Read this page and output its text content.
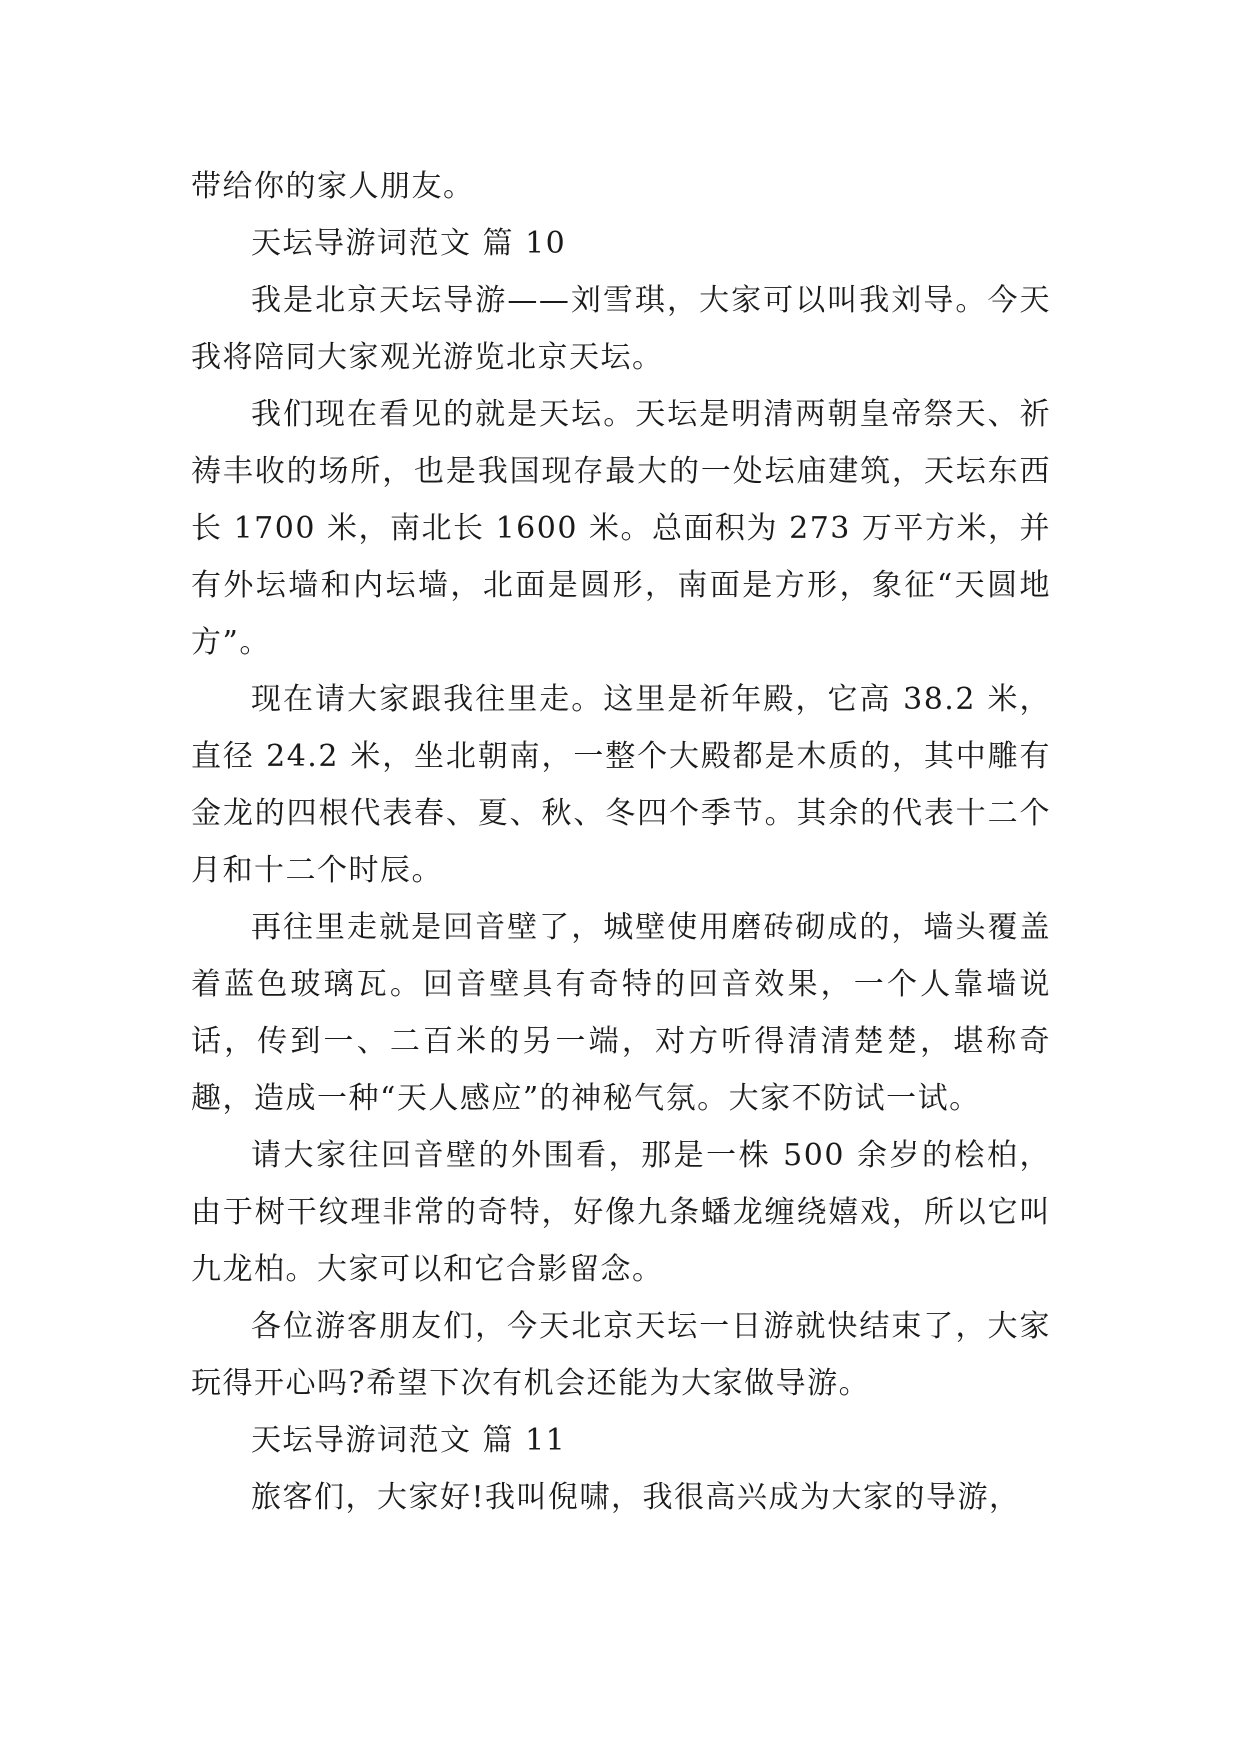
带给你的家人朋友。

天坛导游词范文 篇 10

我是北京天坛导游——刘雪琪，大家可以叫我刘导。今天我将陪同大家观光游览北京天坛。

我们现在看见的就是天坛。天坛是明清两朝皇帝祭天、祈祷丰收的场所，也是我国现存最大的一处坛庙建筑，天坛东西长 1700 米，南北长 1600 米。总面积为 273 万平方米，并有外坛墙和内坛墙，北面是圆形，南面是方形，象征“天圆地方”。

现在请大家跟我往里走。这里是祈年殿，它高 38.2 米，直径 24.2 米，坐北朝南，一整个大殿都是木质的，其中雕有金龙的四根代表春、夏、秋、冬四个季节。其余的代表十二个月和十二个时辰。

再往里走就是回音壁了，城壁使用磨砖砌成的，墙头覆盖着蓝色玻璃瓦。回音壁具有奇特的回音效果，一个人靠墙说话，传到一、二百米的另一端，对方听得清清楚楚，堪称奇趣，造成一种“天人感应”的神秘气氛。大家不防试一试。

请大家往回音壁的外围看，那是一株 500 余岁的桧柏，由于树干纹理非常的奇特，好像九条蟠龙缠绕嬉戏，所以它叫九龙柏。大家可以和它合影留念。

各位游客朋友们，今天北京天坛一日游就快结束了，大家玩得开心吗?希望下次有机会还能为大家做导游。

天坛导游词范文 篇 11

旅客们，大家好!我叫倪啸，我很高兴成为大家的导游，
